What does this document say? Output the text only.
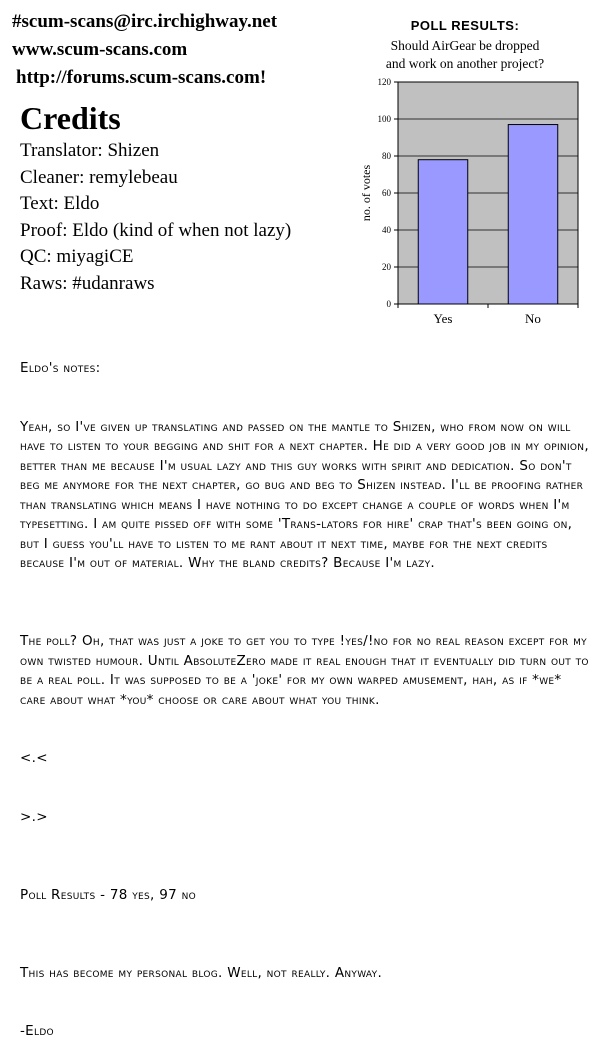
#scum-scans@irc.irchighway.net
www.scum-scans.com
http://forums.scum-scans.com!
Credits
Translator: Shizen
Cleaner: remylebeau
Text: Eldo
Proof: Eldo (kind of when not lazy)
QC: miyagiCE
Raws: #udanraws
POLL RESULTS:
Should AirGear be dropped
and work on another project?
0
20
40
60
80
100
120
Yes	No
no. of votes

Eldo's notes:

Yeah, so I've given up translating and passed on the mantle to Shizen, who from now on will have to listen to your begging and shit for a next chapter. He did a very good job in my opinion, better than me because I'm usual lazy and this guy works with spirit and dedication. So don't beg me anymore for the next chapter, go bug and beg to Shizen instead. I'll be proofing rather than translating which means I have nothing to do except change a couple of words when I'm typesetting. I am quite pissed off with some 'Trans-lators for hire' crap that's been going on, but I guess you'll have to listen to me rant about it next time, maybe for the next credits because I'm out of material. Why the bland credits? Because I'm lazy.

The poll? Oh, that was just a joke to get you to type !yes/!no for no real reason except for my own twisted humour. Until AbsoluteZero made it real enough that it eventually did turn out to be a real poll. It was supposed to be a 'joke' for my own warped amusement, hah, as if *we* care about what *you* choose or care about what you think.

<.<

>.>

Poll Results - 78 yes, 97 no

This has become my personal blog. Well, not really. Anyway.

-Eldo
